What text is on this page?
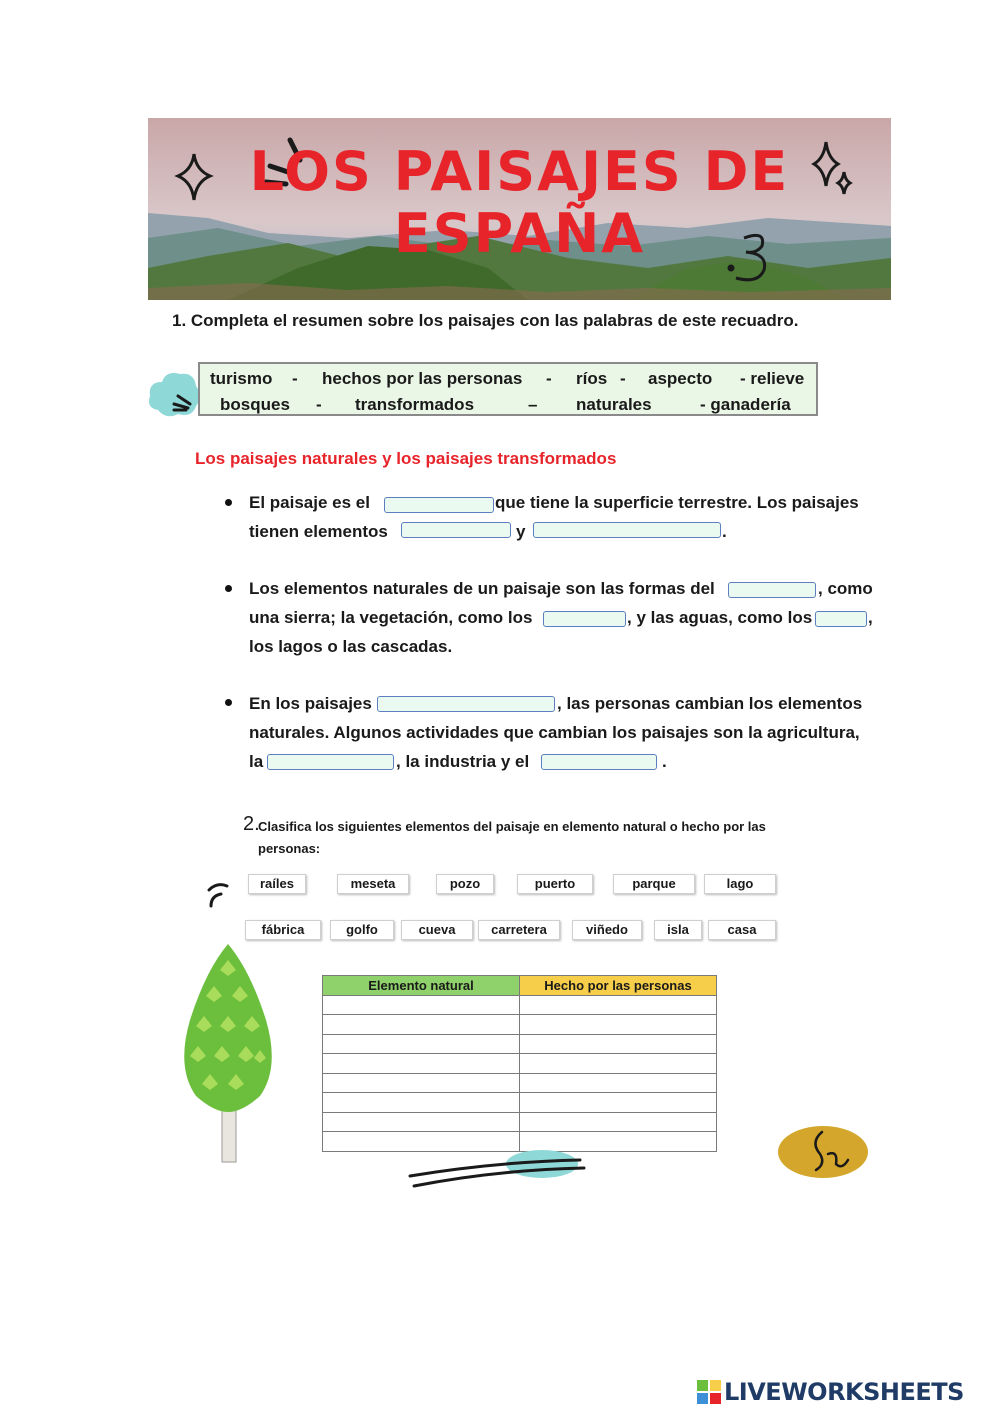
LOS PAISAJES DE
ESPAÑA
1. Completa el resumen sobre los paisajes con las palabras de este recuadro.
turismo - hechos por las personas - ríos - aspecto - relieve
bosques - transformados	– naturales	- ganadería
Los paisajes naturales y los paisajes transformados
El paisaje es el	que tiene la superficie terrestre. Los paisajes
tienen elementos	y	.
Los elementos naturales de un paisaje son las formas del	, como
una sierra; la vegetación, como los	, y las aguas, como los	,
los lagos o las cascadas.
En los paisajes	, las personas cambian los elementos
naturales. Algunos actividades que cambian los paisajes son la agricultura,
la	, la industria y el	.
2.
Clasifica los siguientes elementos del paisaje en elemento natural o hecho por las personas:
raíles	meseta	pozo	puerto	parque	lago
fábrica	golfo	cueva	carretera	viñedo	isla	casa
Elemento natural	Hecho por las personas

LIVEWORKSHEETS
